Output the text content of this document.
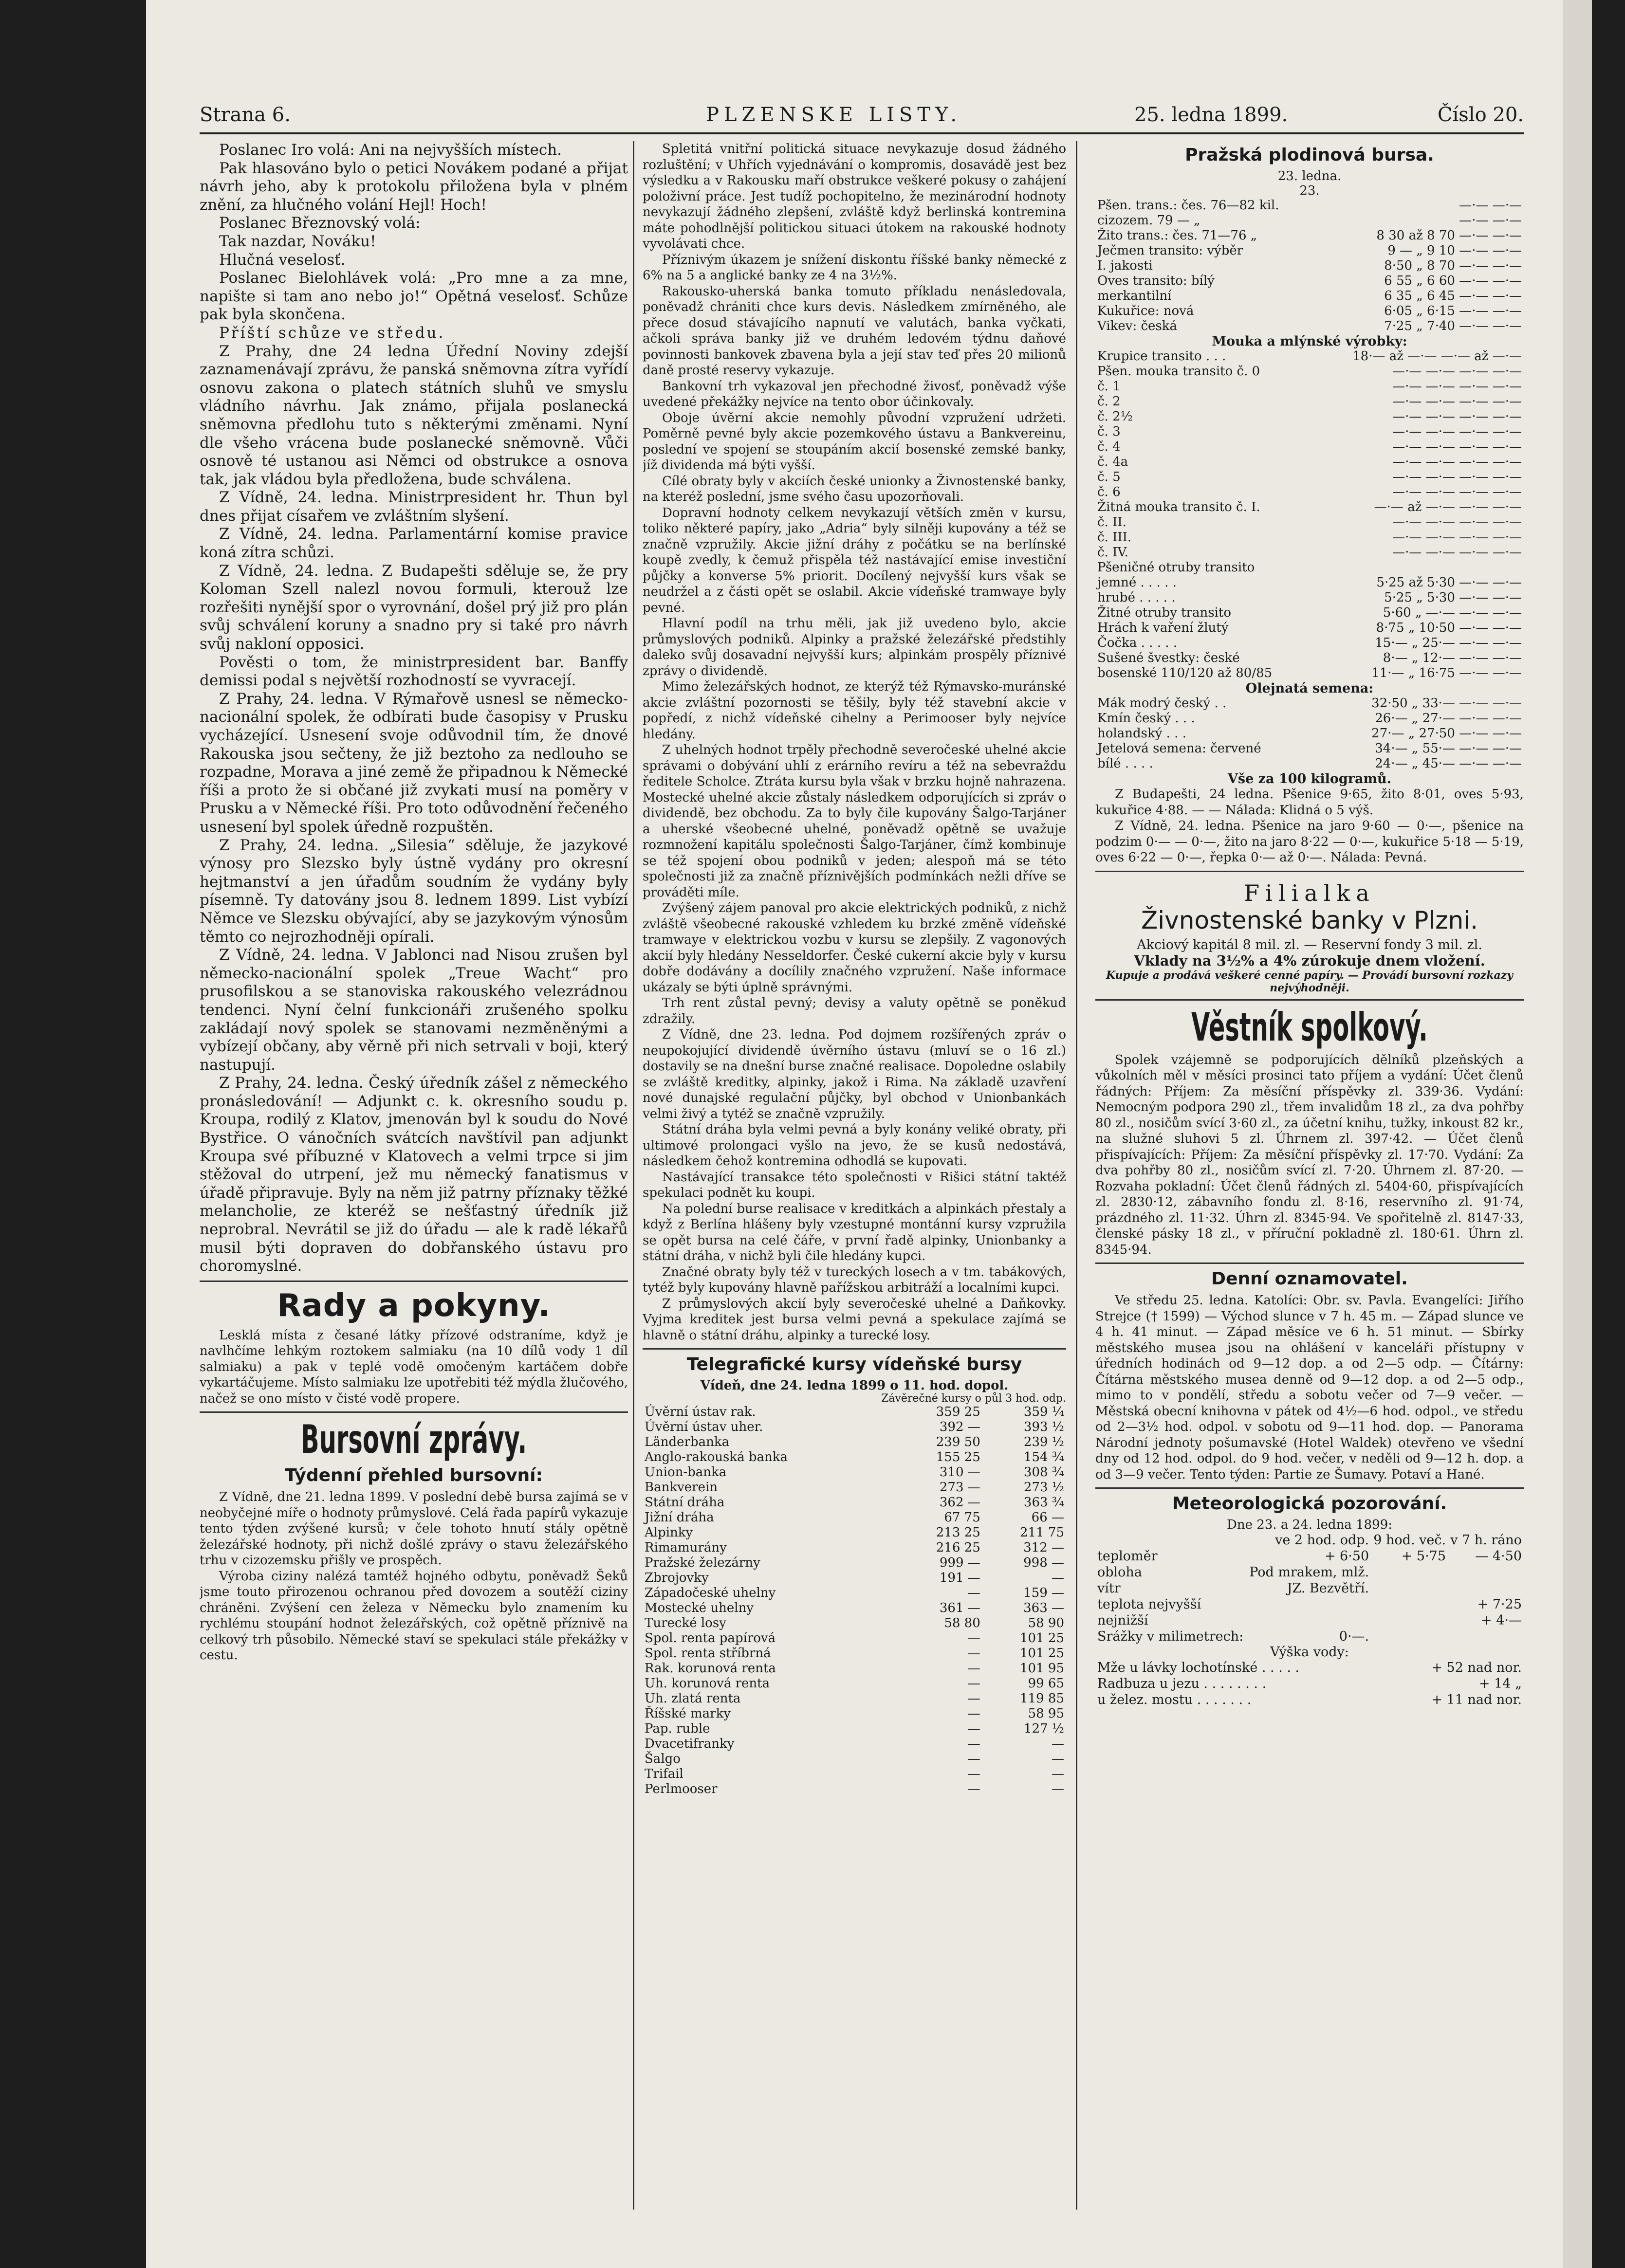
Strana 6.	PLZENSKE LISTY.	25. ledna 1899.	Číslo 20.

Poslanec Iro volá: Ani na nejvyšších místech.

Pak hlasováno bylo o petici Novákem podané a přijat návrh jeho, aby k protokolu přiložena byla v plném znění, za hlučného volání Hejl! Hoch!

Poslanec Březnovský volá:

Tak nazdar, Nováku!

Hlučná veselosť.

Poslanec Bielohlávek volá: „Pro mne a za mne, napište si tam ano nebo jo!“ Opětná veselosť. Schůze pak byla skončena.

Příští schůze ve středu.

Z Prahy, dne 24 ledna Úřední Noviny zdejší zaznamenávají zprávu, že panská sněmovna zítra vyřídí osnovu zakona o platech státních sluhů ve smyslu vládního návrhu. Jak známo, přijala poslanecká sněmovna předlohu tuto s některými změnami. Nyní dle všeho vrácena bude poslanecké sněmovně. Vůči osnově té ustanou asi Němci od obstrukce a osnova tak, jak vládou byla předložena, bude schválena.

Z Vídně, 24. ledna. Ministrpresident hr. Thun byl dnes přijat císařem ve zvláštním slyšení.

Z Vídně, 24. ledna. Parlamentární komise pravice koná zítra schůzi.

Z Vídně, 24. ledna. Z Budapešti sděluje se, že pry Koloman Szell nalezl novou formuli, kterouž lze rozřešiti nynější spor o vyrovnání, došel prý již pro plán svůj schválení koruny a snadno pry si také pro návrh svůj nakloní opposici.

Pověsti o tom, že ministrpresident bar. Banffy demissi podal s největší rozhodností se vyvracejí.

Z Prahy, 24. ledna. V Rýmařově usnesl se německo-nacionální spolek, že odbírati bude časopisy v Prusku vycházející. Usnesení svoje odůvodnil tím, že dnové Rakouska jsou sečteny, že již beztoho za nedlouho se rozpadne, Morava a jiné země že připadnou k Německé říši a proto že si občané již zvykati musí na poměry v Prusku a v Německé říši. Pro toto odůvodnění řečeného usnesení byl spolek úředně rozpuštěn.

Z Prahy, 24. ledna. „Silesia“ sděluje, že jazykové výnosy pro Slezsko byly ústně vydány pro okresní hejtmanství a jen úřadům soudním že vydány byly písemně. Ty datovány jsou 8. lednem 1899. List vybízí Němce ve Slezsku obývající, aby se jazykovým výnosům těmto co nejrozhodněji opírali.

Z Vídně, 24. ledna. V Jablonci nad Nisou zrušen byl německo-nacionální spolek „Treue Wacht“ pro prusofilskou a se stanoviska rakouského velezrádnou tendenci. Nyní čelní funkcionáři zrušeného spolku zakládají nový spolek se stanovami nezměněnými a vybízejí občany, aby věrně při nich setrvali v boji, který nastupují.

Z Prahy, 24. ledna. Český úředník zášel z německého pronásledování! — Adjunkt c. k. okresního soudu p. Kroupa, rodilý z Klatov, jmenován byl k soudu do Nové Bystřice. O vánočních svátcích navštívil pan adjunkt Kroupa své příbuzné v Klatovech a velmi trpce si jim stěžoval do utrpení, jež mu německý fanatismus v úřadě připravuje. Byly na něm již patrny příznaky těžké melancholie, ze kteréž se nešťastný úředník již neprobral. Nevrátil se již do úřadu — ale k radě lékařů musil býti dopraven do dobřanského ústavu pro choromyslné.

Rady a pokyny.

Lesklá místa z česané látky přízové odstraníme, když je navlhčíme lehkým roztokem salmiaku (na 10 dílů vody 1 díl salmiaku) a pak v teplé vodě omočeným kartáčem dobře vykartáčujeme. Místo salmiaku lze upotřebiti též mýdla žlučového, načež se ono místo v čisté vodě propere.

Bursovní zprávy.
Týdenní přehled bursovní:

Z Vídně, dne 21. ledna 1899. V poslední debě bursa zajímá se v neobyčejné míře o hodnoty průmyslové. Celá řada papírů vykazuje tento týden zvýšené kursů; v čele tohoto hnutí stály opětně železářské hodnoty, při nichž došlé zprávy o stavu železářského trhu v cizozemsku přišly ve prospěch.

Výroba ciziny nalézá tamtéž hojného odbytu, poněvadž Šeků jsme touto přirozenou ochranou před dovozem a soutěží ciziny chráněni. Zvýšení cen železa v Německu bylo znamením ku rychlému stoupání hodnot železářských, což opětně příznivě na celkový trh působilo. Německé staví se spekulaci stále překážky v cestu.

Spletitá vnitřní politická situace nevykazuje dosud žádného rozluštění; v Uhřích vyjednávání o kompromis, dosavádě jest bez výsledku a v Rakousku maří obstrukce veškeré pokusy o zahájení položivní práce. Jest tudíž pochopitelno, že mezinárodní hodnoty nevykazují žádného zlepšení, zvláště když berlinská kontremina máte pohodlnější politickou situaci útokem na rakouské hodnoty vyvolávati chce.

Příznivým úkazem je snížení diskontu říšské banky německé z 6% na 5 a anglické banky ze 4 na 3½%.

Rakousko-uherská banka tomuto příkladu nenásledovala, poněvadž chrániti chce kurs devis. Následkem zmírněného, ale přece dosud stávajícího napnutí ve valutách, banka vyčkati, ačkoli správa banky již ve druhém ledovém týdnu daňové povinnosti bankovek zbavena byla a její stav teď přes 20 milionů daně prosté reservy vykazuje.

Bankovní trh vykazoval jen přechodné živosť, poněvadž výše uvedené překážky nejvíce na tento obor účinkovaly.

Oboje úvěrní akcie nemohly původní vzpružení udržeti. Poměrně pevné byly akcie pozemkového ústavu a Bankvereinu, poslední ve spojení se stoupáním akcií bosenské zemské banky, jíž dividenda má býti vyšší.

Cílé obraty byly v akciích české unionky a Živnostenské banky, na kteréž poslední, jsme svého času upozorňovali.

Dopravní hodnoty celkem nevykazují větších změn v kursu, toliko některé papíry, jako „Adria“ byly silněji kupovány a též se značně vzpružily. Akcie jižní dráhy z počátku se na berlínské koupě zvedly, k čemuž přispěla též nastávající emise investiční půjčky a konverse 5% priorit. Docílený nejvyšší kurs však se neudržel a z části opět se oslabil. Akcie vídeňské tramwaye byly pevné.

Hlavní podíl na trhu měli, jak již uvedeno bylo, akcie průmyslových podniků. Alpinky a pražské železářské předstihly daleko svůj dosavadní nejvyšší kurs; alpinkám prospěly příznivé zprávy o dividendě.

Mimo železářských hodnot, ze kterýž též Rýmavsko-muránské akcie zvláštní pozornosti se těšily, byly též stavební akcie v popředí, z nichž vídeňské cihelny a Perimooser byly nejvíce hledány.

Z uhelných hodnot trpěly přechodně severočeské uhelné akcie správami o dobývání uhlí z erárního revíru a též na sebevraždu ředitele Scholce. Ztráta kursu byla však v brzku hojně nahrazena. Mostecké uhelné akcie zůstaly následkem odporujících si zpráv o dividendě, bez obchodu. Za to byly čile kupovány Šalgo-Tarjáner a uherské všeobecné uhelné, poněvadž opětně se uvažuje rozmnožení kapitálu společnosti Šalgo-Tarjáner, čímž kombinuje se též spojení obou podniků v jeden; alespoň má se této společnosti již za značně příznivějších podmínkách nežli dříve se prováděti míle.

Zvýšený zájem panoval pro akcie elektrických podniků, z nichž zvláště všeobecné rakouské vzhledem ku brzké změně vídeňské tramwaye v elektrickou vozbu v kursu se zlepšily. Z vagonových akcií byly hledány Nesseldorfer. České cukerní akcie byly v kursu dobře dodávány a docílily značného vzpružení. Naše informace ukázaly se býti úplně správnými.

Trh rent zůstal pevný; devisy a valuty opětně se poněkud zdražily.

Z Vídně, dne 23. ledna. Pod dojmem rozšířených zpráv o neupokojující dividendě úvěrního ústavu (mluví se o 16 zl.) dostavily se na dnešní burse značné realisace. Dopoledne oslabily se zvláště kreditky, alpinky, jakož i Rima. Na základě uzavření nové dunajské regulační půjčky, byl obchod v Unionbankách velmi živý a tytéž se značně vzpružily.

Státní dráha byla velmi pevná a byly konány veliké obraty, při ultimové prolongaci vyšlo na jevo, že se kusů nedostává, následkem čehož kontremina odhodlá se kupovati.

Nastávající transakce této společnosti v Rišici státní taktéž spekulaci podnět ku koupi.

Na polední burse realisace v kreditkách a alpinkách přestaly a když z Berlína hlášeny byly vzestupné montánní kursy vzpružila se opět bursa na celé čáře, v první řadě alpinky, Unionbanky a státní dráha, v nichž byli čile hledány kupci.

Značné obraty byly též v tureckých losech a v tm. tabákových, tytéž byly kupovány hlavně pařížskou arbitráží a localními kupci.

Z průmyslových akcií byly severočeské uhelné a Daňkovky. Vyjma kreditek jest bursa velmi pevná a spekulace zajímá se hlavně o státní dráhu, alpinky a turecké losy.

Telegrafické kursy vídeňské bursy
Vídeň, dne 24. ledna 1899 o 11. hod. dopol.
Závěrečné kursy o půl 3 hod. odp.
Úvěrní ústav rak.	359 25	359 ¼
Úvěrní ústav uher.	392 —	393 ½
Länderbanka	239 50	239 ½
Anglo-rakouská banka	155 25	154 ¾
Union-banka	310 —	308 ¾
Bankverein	273 —	273 ½
Státní dráha	362 —	363 ¾
Jižní dráha	67 75	66 —
Alpinky	213 25	211 75
Rimamurány	216 25	312 —
Pražské železárny	999 —	998 —
Zbrojovky	191 —	—
Západočeské uhelny	—	159 —
Mostecké uhelny	361 —	363 —
Turecké losy	58 80	58 90
Spol. renta papírová	—	101 25
Spol. renta stříbrná	—	101 25
Rak. korunová renta	—	101 95
Uh. korunová renta	—	99 65
Uh. zlatá renta	—	119 85
Říšské marky	—	58 95
Pap. ruble	—	127 ½
Dvacetifranky	—	—
Šalgo	—	—
Trifail	—	—
Perlmooser	—	—
Pražská plodinová bursa.
23. ledna.
23.
Pšen. trans.: čes. 76—82 kil.	—·— —·—
cizozem. 79 — „	—·— —·—
Žito trans.: čes. 71—76 „	8 30 až 8 70 —·— —·—
Ječmen transito: výběr	9 — „ 9 10 —·— —·—
I. jakosti	8·50 „ 8 70 —·— —·—
Oves transito: bílý	6 55 „ 6 60 —·— —·—
merkantilní	6 35 „ 6 45 —·— —·—
Kukuřice: nová	6·05 „ 6·15 —·— —·—
Vikev: česká	7·25 „ 7·40 —·— —·—
Mouka a mlýnské výrobky:
Krupice transito . . .	18·— až —·— —·— až —·—
Pšen. mouka transito č. 0	—·— —·— —·— —·—
č. 1	—·— —·— —·— —·—
č. 2	—·— —·— —·— —·—
č. 2½	—·— —·— —·— —·—
č. 3	—·— —·— —·— —·—
č. 4	—·— —·— —·— —·—
č. 4a	—·— —·— —·— —·—
č. 5	—·— —·— —·— —·—
č. 6	—·— —·— —·— —·—
Žitná mouka transito č. I.	—·— až —·— —·— —·—
č. II.	—·— —·— —·— —·—
č. III.	—·— —·— —·— —·—
č. IV.	—·— —·— —·— —·—
Pšeničné otruby transito	
jemné . . . . .	5·25 až 5·30 —·— —·—
hrubé . . . . .	5·25 „ 5·30 —·— —·—
Žitné otruby transito	5·60 „ —·— —·— —·—
Hrách k vaření žlutý	8·75 „ 10·50 —·— —·—
Čočka . . . . .	15·— „ 25·— —·— —·—
Sušené švestky: české	8·— „ 12·— —·— —·—
bosenské 110/120 až 80/85	11·— „ 16·75 —·— —·—
Olejnatá semena:
Mák modrý český . .	32·50 „ 33·— —·— —·—
Kmín český . . .	26·— „ 27·— —·— —·—
holandský . . .	27·— „ 27·50 —·— —·—
Jetelová semena: červené	34·— „ 55·— —·— —·—
bílé . . . .	24·— „ 45·— —·— —·—
Vše za 100 kilogramů.

Z Budapešti, 24 ledna. Pšenice 9·65, žito 8·01, oves 5·93, kukuřice 4·88. — — Nálada: Klidná o 5 výš.

Z Vídně, 24. ledna. Pšenice na jaro 9·60 — 0·—, pšenice na podzim 0·— — 0·—, žito na jaro 8·22 — 0·—, kukuřice 5·18 — 5·19, oves 6·22 — 0·—, řepka 0·— až 0·—. Nálada: Pevná.

Filialka
Živnostenské banky v Plzni.
Akciový kapitál 8 mil. zl. — Reservní fondy 3 mil. zl.
Vklady na 3½% a 4% zúrokuje dnem vložení.
Kupuje a prodává veškeré cenné papíry. — Provádí bursovní rozkazy nejvýhodněji.
Věstník spolkový.

Spolek vzájemně se podporujících dělníků plzeňských a vůkolních měl v měsíci prosinci tato příjem a vydání: Účet členů řádných: Příjem: Za měsíční příspěvky zl. 339·36. Vydání: Nemocným podpora 290 zl., třem invalidům 18 zl., za dva pohřby 80 zl., nosičům svící 3·60 zl., za účetní knihu, tužky, inkoust 82 kr., na služné sluhovi 5 zl. Úhrnem zl. 397·42. — Účet členů přispívajících: Příjem: Za měsíční příspěvky zl. 17·70. Vydání: Za dva pohřby 80 zl., nosičům svící zl. 7·20. Úhrnem zl. 87·20. — Rozvaha pokladní: Účet členů řádných zl. 5404·60, přispívajících zl. 2830·12, zábavního fondu zl. 8·16, reservního zl. 91·74, prázdného zl. 11·32. Úhrn zl. 8345·94. Ve spořitelně zl. 8147·33, členské pásky 18 zl., v příruční pokladně zl. 180·61. Úhrn zl. 8345·94.

Denní oznamovatel.

Ve středu 25. ledna. Katolíci: Obr. sv. Pavla. Evangelíci: Jiřího Strejce († 1599) — Východ slunce v 7 h. 45 m. — Západ slunce ve 4 h. 41 minut. — Západ měsíce ve 6 h. 51 minut. — Sbírky městského musea jsou na ohlášení v kanceláři přístupny v úředních hodinách od 9—12 dop. a od 2—5 odp. — Čítárny: Čítárna městského musea denně od 9—12 dop. a od 2—5 odp., mimo to v pondělí, středu a sobotu večer od 7—9 večer. — Městská obecní knihovna v pátek od 4½—6 hod. odpol., ve středu od 2—3½ hod. odpol. v sobotu od 9—11 hod. dop. — Panorama Národní jednoty pošumavské (Hotel Waldek) otevřeno ve všední dny od 12 hod. odpol. do 9 hod. večer, v neděli od 9—12 h. dop. a od 3—9 večer. Tento týden: Partie ze Šumavy. Potaví a Hané.

Meteorologická pozorování.
Dne 23. a 24. ledna 1899:
	ve 2 hod. odp.	9 hod. več.	v 7 h. ráno
teploměr	+ 6·50	+ 5·75	— 4·50
obloha	Pod mrakem, mlž.		
vítr	JZ. Bezvětří.		
teplota nejvyšší			+ 7·25
nejnižší			+ 4·—
Srážky v milimetrech:	0·—.		
Výška vody:
Mže u lávky lochotínské . . . . .	+ 52 nad nor.
Radbuza u jezu . . . . . . . .	+ 14 „
u želez. mostu . . . . . . .	+ 11 nad nor.
